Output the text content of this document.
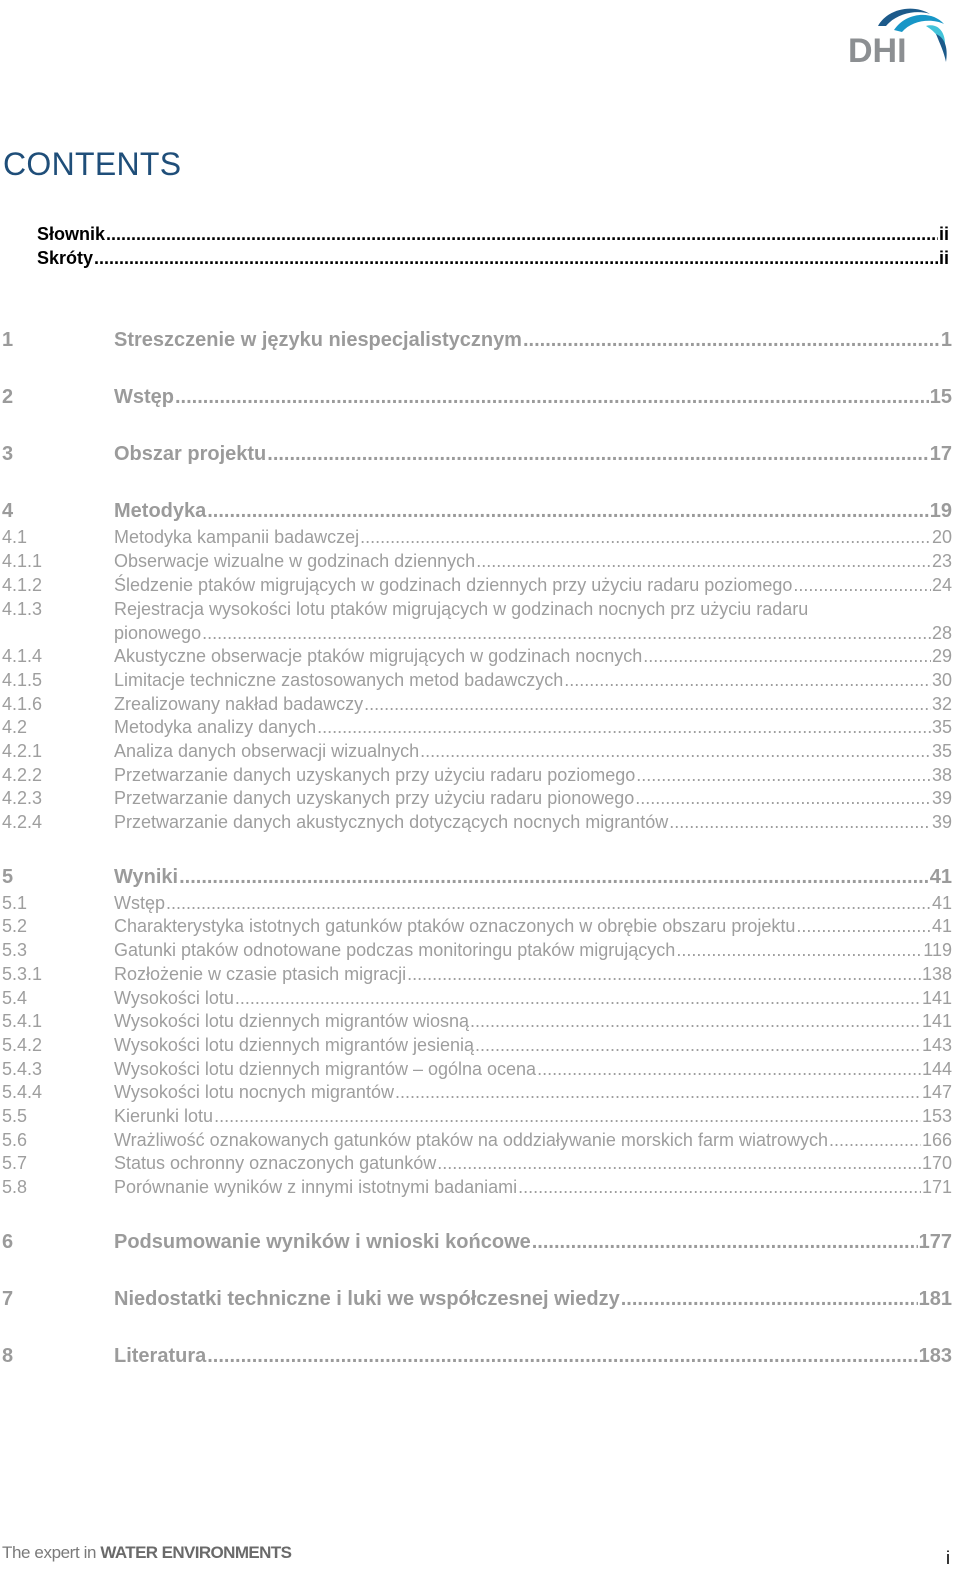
DHI
CONTENTS
Słownik .....	ii
Skróty .....	ii
1	Streszczenie w języku niespecjalistycznym .....	1
2	Wstęp .....	15
3	Obszar projektu .....	17
4	Metodyka .....	19
4.1	Metodyka kampanii badawczej .....	20
4.1.1	Obserwacje wizualne w godzinach dziennych .....	23
4.1.2	Śledzenie ptaków migrujących w godzinach dziennych przy użyciu radaru poziomego .....	24
4.1.3	Rejestracja wysokości lotu ptaków migrujących w godzinach nocnych prz użyciu radaru
pionowego .....	28
4.1.4	Akustyczne obserwacje ptaków migrujących w godzinach nocnych .....	29
4.1.5	Limitacje techniczne zastosowanych metod badawczych .....	30
4.1.6	Zrealizowany nakład badawczy .....	32
4.2	Metodyka analizy danych .....	35
4.2.1	Analiza danych obserwacji wizualnych .....	35
4.2.2	Przetwarzanie danych uzyskanych przy użyciu radaru poziomego .....	38
4.2.3	Przetwarzanie danych uzyskanych przy użyciu radaru pionowego .....	39
4.2.4	Przetwarzanie danych akustycznych dotyczących nocnych migrantów .....	39
5	Wyniki .....	41
5.1	Wstęp .....	41
5.2	Charakterystyka istotnych gatunków ptaków oznaczonych w obrębie obszaru projektu .....	41
5.3	Gatunki ptaków odnotowane podczas monitoringu ptaków migrujących .....	119
5.3.1	Rozłożenie w czasie ptasich migracji .....	138
5.4	Wysokości lotu .....	141
5.4.1	Wysokości lotu dziennych migrantów wiosną .....	141
5.4.2	Wysokości lotu dziennych migrantów jesienią .....	143
5.4.3	Wysokości lotu dziennych migrantów – ogólna ocena .....	144
5.4.4	Wysokości lotu nocnych migrantów .....	147
5.5	Kierunki lotu .....	153
5.6	Wrażliwość oznakowanych gatunków ptaków na oddziaływanie morskich farm wiatrowych .....	166
5.7	Status ochronny oznaczonych gatunków .....	170
5.8	Porównanie wyników z innymi istotnymi badaniami .....	171
6	Podsumowanie wyników i wnioski końcowe .....	177
7	Niedostatki techniczne i luki we współczesnej wiedzy .....	181
8	Literatura .....	183
The expert in WATER ENVIRONMENTS	i
